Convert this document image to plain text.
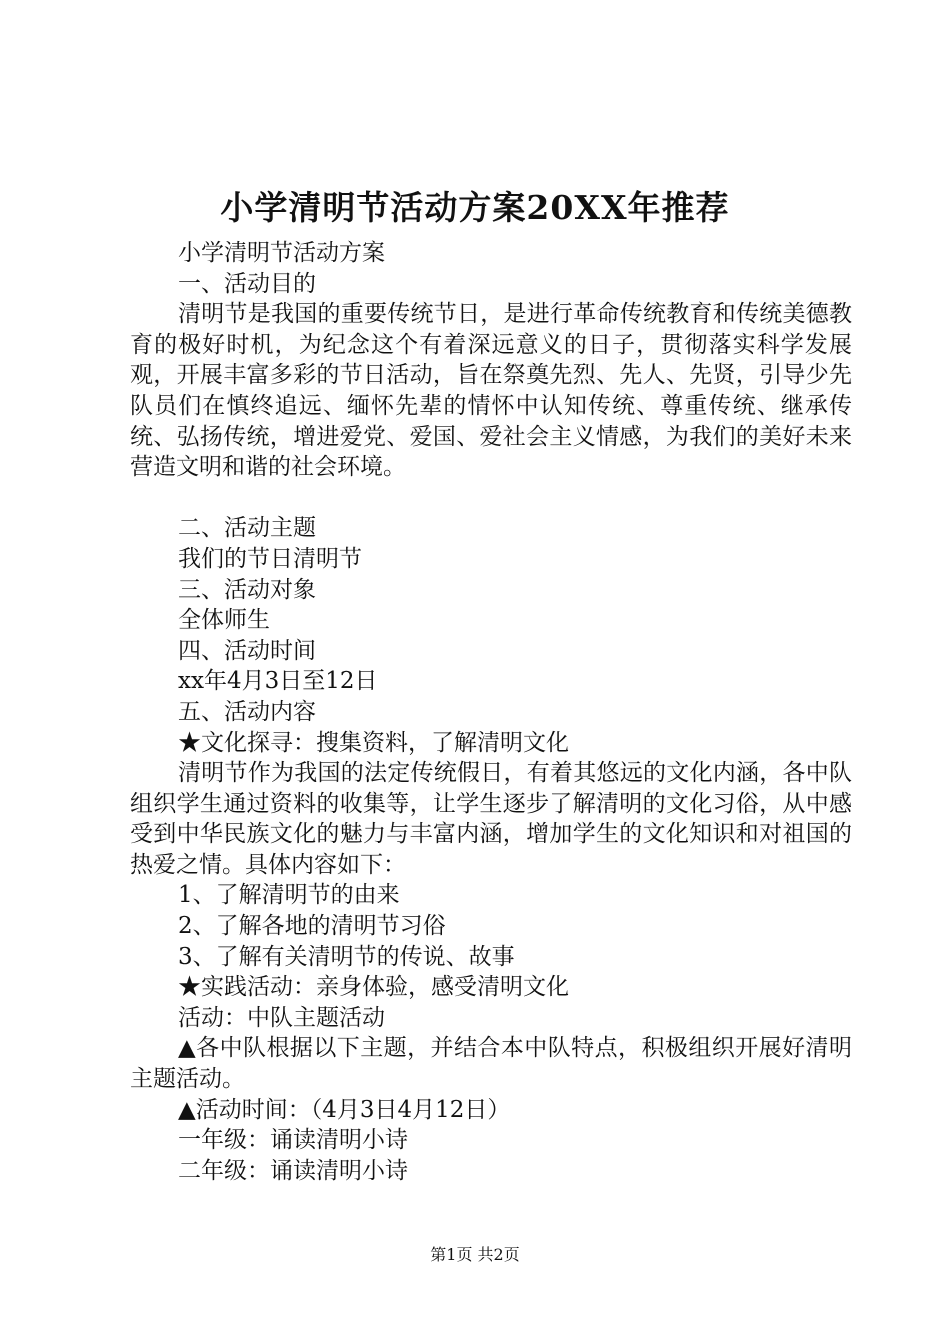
小学清明节活动方案20XX年推荐

小学清明节活动方案

一、活动目的

清明节是我国的重要传统节日，是进行革命传统教育和传统美德教育的极好时机，为纪念这个有着深远意义的日子，贯彻落实科学发展观，开展丰富多彩的节日活动，旨在祭奠先烈、先人、先贤，引导少先队员们在慎终追远、缅怀先辈的情怀中认知传统、尊重传统、继承传统、弘扬传统，增进爱党、爱国、爱社会主义情感，为我们的美好未来营造文明和谐的社会环境。

二、活动主题

我们的节日清明节

三、活动对象

全体师生

四、活动时间

xx年4月3日至12日

五、活动内容

★文化探寻：搜集资料，了解清明文化

清明节作为我国的法定传统假日，有着其悠远的文化内涵，各中队组织学生通过资料的收集等，让学生逐步了解清明的文化习俗，从中感受到中华民族文化的魅力与丰富内涵，增加学生的文化知识和对祖国的热爱之情。具体内容如下：

1、了解清明节的由来

2、了解各地的清明节习俗

3、了解有关清明节的传说、故事

★实践活动：亲身体验，感受清明文化

活动：中队主题活动

▲各中队根据以下主题，并结合本中队特点，积极组织开展好清明主题活动。

▲活动时间：（4月3日4月12日）

一年级：诵读清明小诗

二年级：诵读清明小诗

第1页 共2页
